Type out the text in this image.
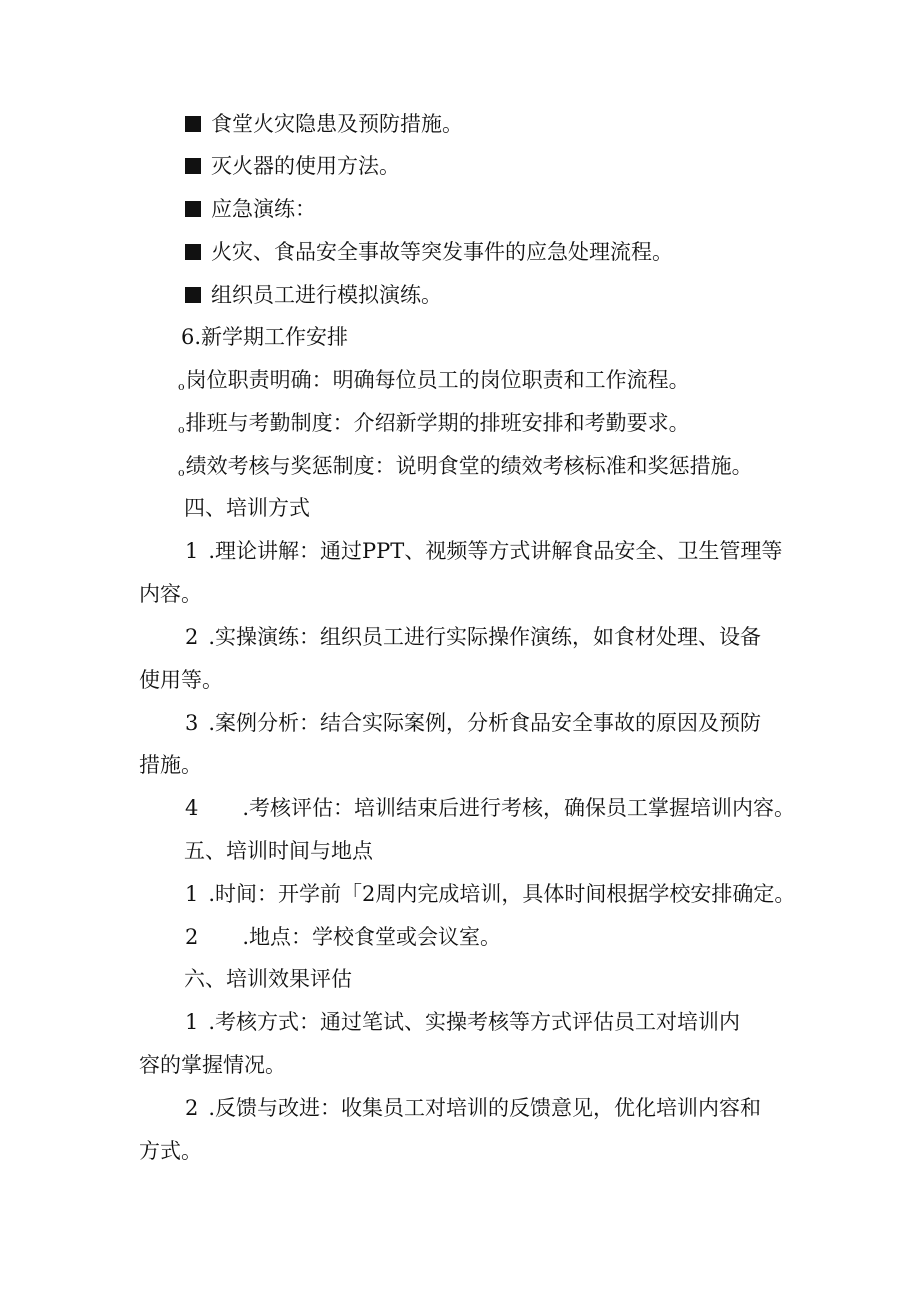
食堂火灾隐患及预防措施。
灭火器的使用方法。
应急演练：
火灾、食品安全事故等突发事件的应急处理流程。
组织员工进行模拟演练。
6.新学期工作安排
o岗位职责明确：明确每位员工的岗位职责和工作流程。
o排班与考勤制度：介绍新学期的排班安排和考勤要求。
o绩效考核与奖惩制度：说明食堂的绩效考核标准和奖惩措施。
四、培训方式
1 .理论讲解：通过PPT、视频等方式讲解食品安全、卫生管理等
内容。
2 .实操演练：组织员工进行实际操作演练，如食材处理、设备
使用等。
3 .案例分析：结合实际案例，分析食品安全事故的原因及预防
措施。
4 .考核评估：培训结束后进行考核，确保员工掌握培训内容。
五、培训时间与地点
1 .时间：开学前「2周内完成培训，具体时间根据学校安排确定。
2 .地点：学校食堂或会议室。
六、培训效果评估
1 .考核方式：通过笔试、实操考核等方式评估员工对培训内
容的掌握情况。
2 .反馈与改进：收集员工对培训的反馈意见，优化培训内容和
方式。
